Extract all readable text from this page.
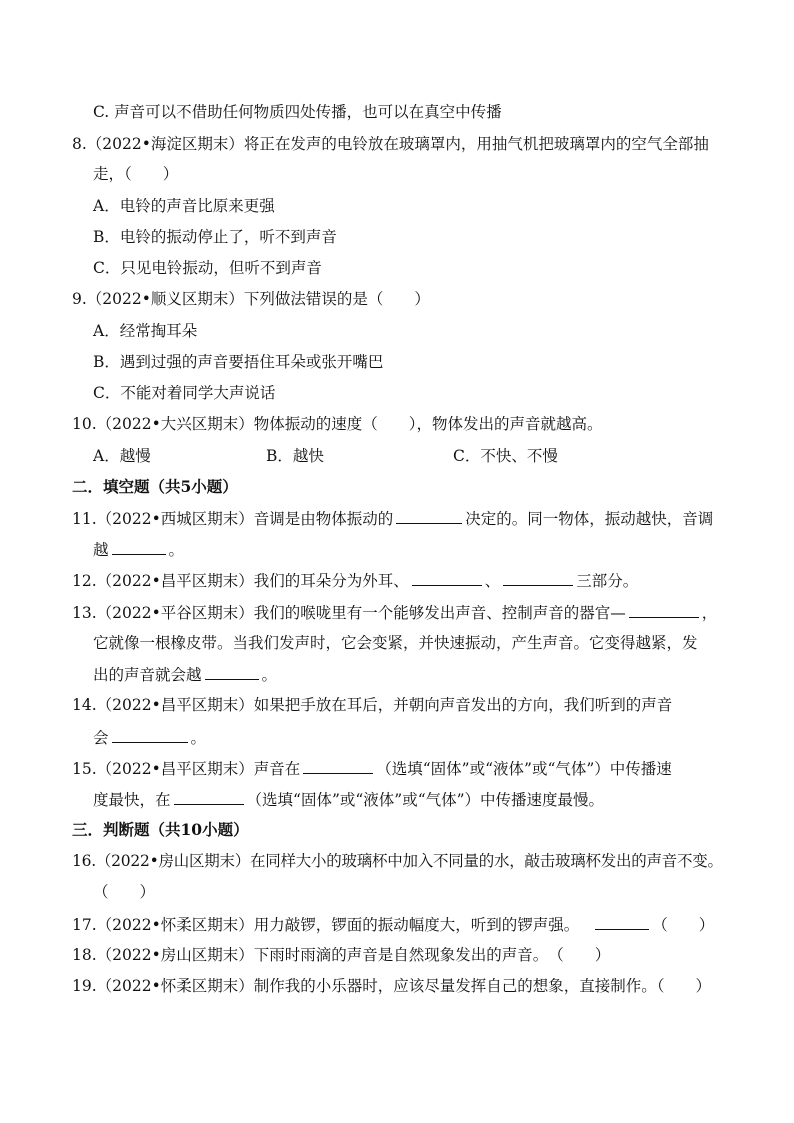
C. 声音可以不借助任何物质四处传播，也可以在真空中传播
8.（2022•海淀区期末）将正在发声的电铃放在玻璃罩内，用抽气机把玻璃罩内的空气全部抽
走，（　　）
A．电铃的声音比原来更强
B．电铃的振动停止了，听不到声音
C．只见电铃振动，但听不到声音
9.（2022•顺义区期末）下列做法错误的是（　　）
A．经常掏耳朵
B．遇到过强的声音要捂住耳朵或张开嘴巴
C．不能对着同学大声说话
10.（2022•大兴区期末）物体振动的速度（　　），物体发出的声音就越高。
A．越慢	B．越快	C．不快、不慢
二．填空题（共5小题）
11.（2022•西城区期末）音调是由物体振动的	决定的。同一物体，振动越快，音调
越	。
12.（2022•昌平区期末）我们的耳朵分为外耳、	、	三部分。
13.（2022•平谷区期末）我们的喉咙里有一个能够发出声音、控制声音的器官—	，
它就像一根橡皮带。当我们发声时，它会变紧，并快速振动，产生声音。它变得越紧，发
出的声音就会越	。
14.（2022•昌平区期末）如果把手放在耳后，并朝向声音发出的方向，我们听到的声音
会	。
15.（2022•昌平区期末）声音在	（选填“固体”或“液体”或“气体”）中传播速
度最快，在	（选填“固体”或“液体”或“气体”）中传播速度最慢。
三．判断题（共10小题）
16.（2022•房山区期末）在同样大小的玻璃杯中加入不同量的水，敲击玻璃杯发出的声音不变。
（　　）
17.（2022•怀柔区期末）用力敲锣，锣面的振动幅度大，听到的锣声强。	（　　）
18.（2022•房山区期末）下雨时雨滴的声音是自然现象发出的声音。　（　　）
19.（2022•怀柔区期末）制作我的小乐器时，应该尽量发挥自己的想象，直接制作。（　　）
